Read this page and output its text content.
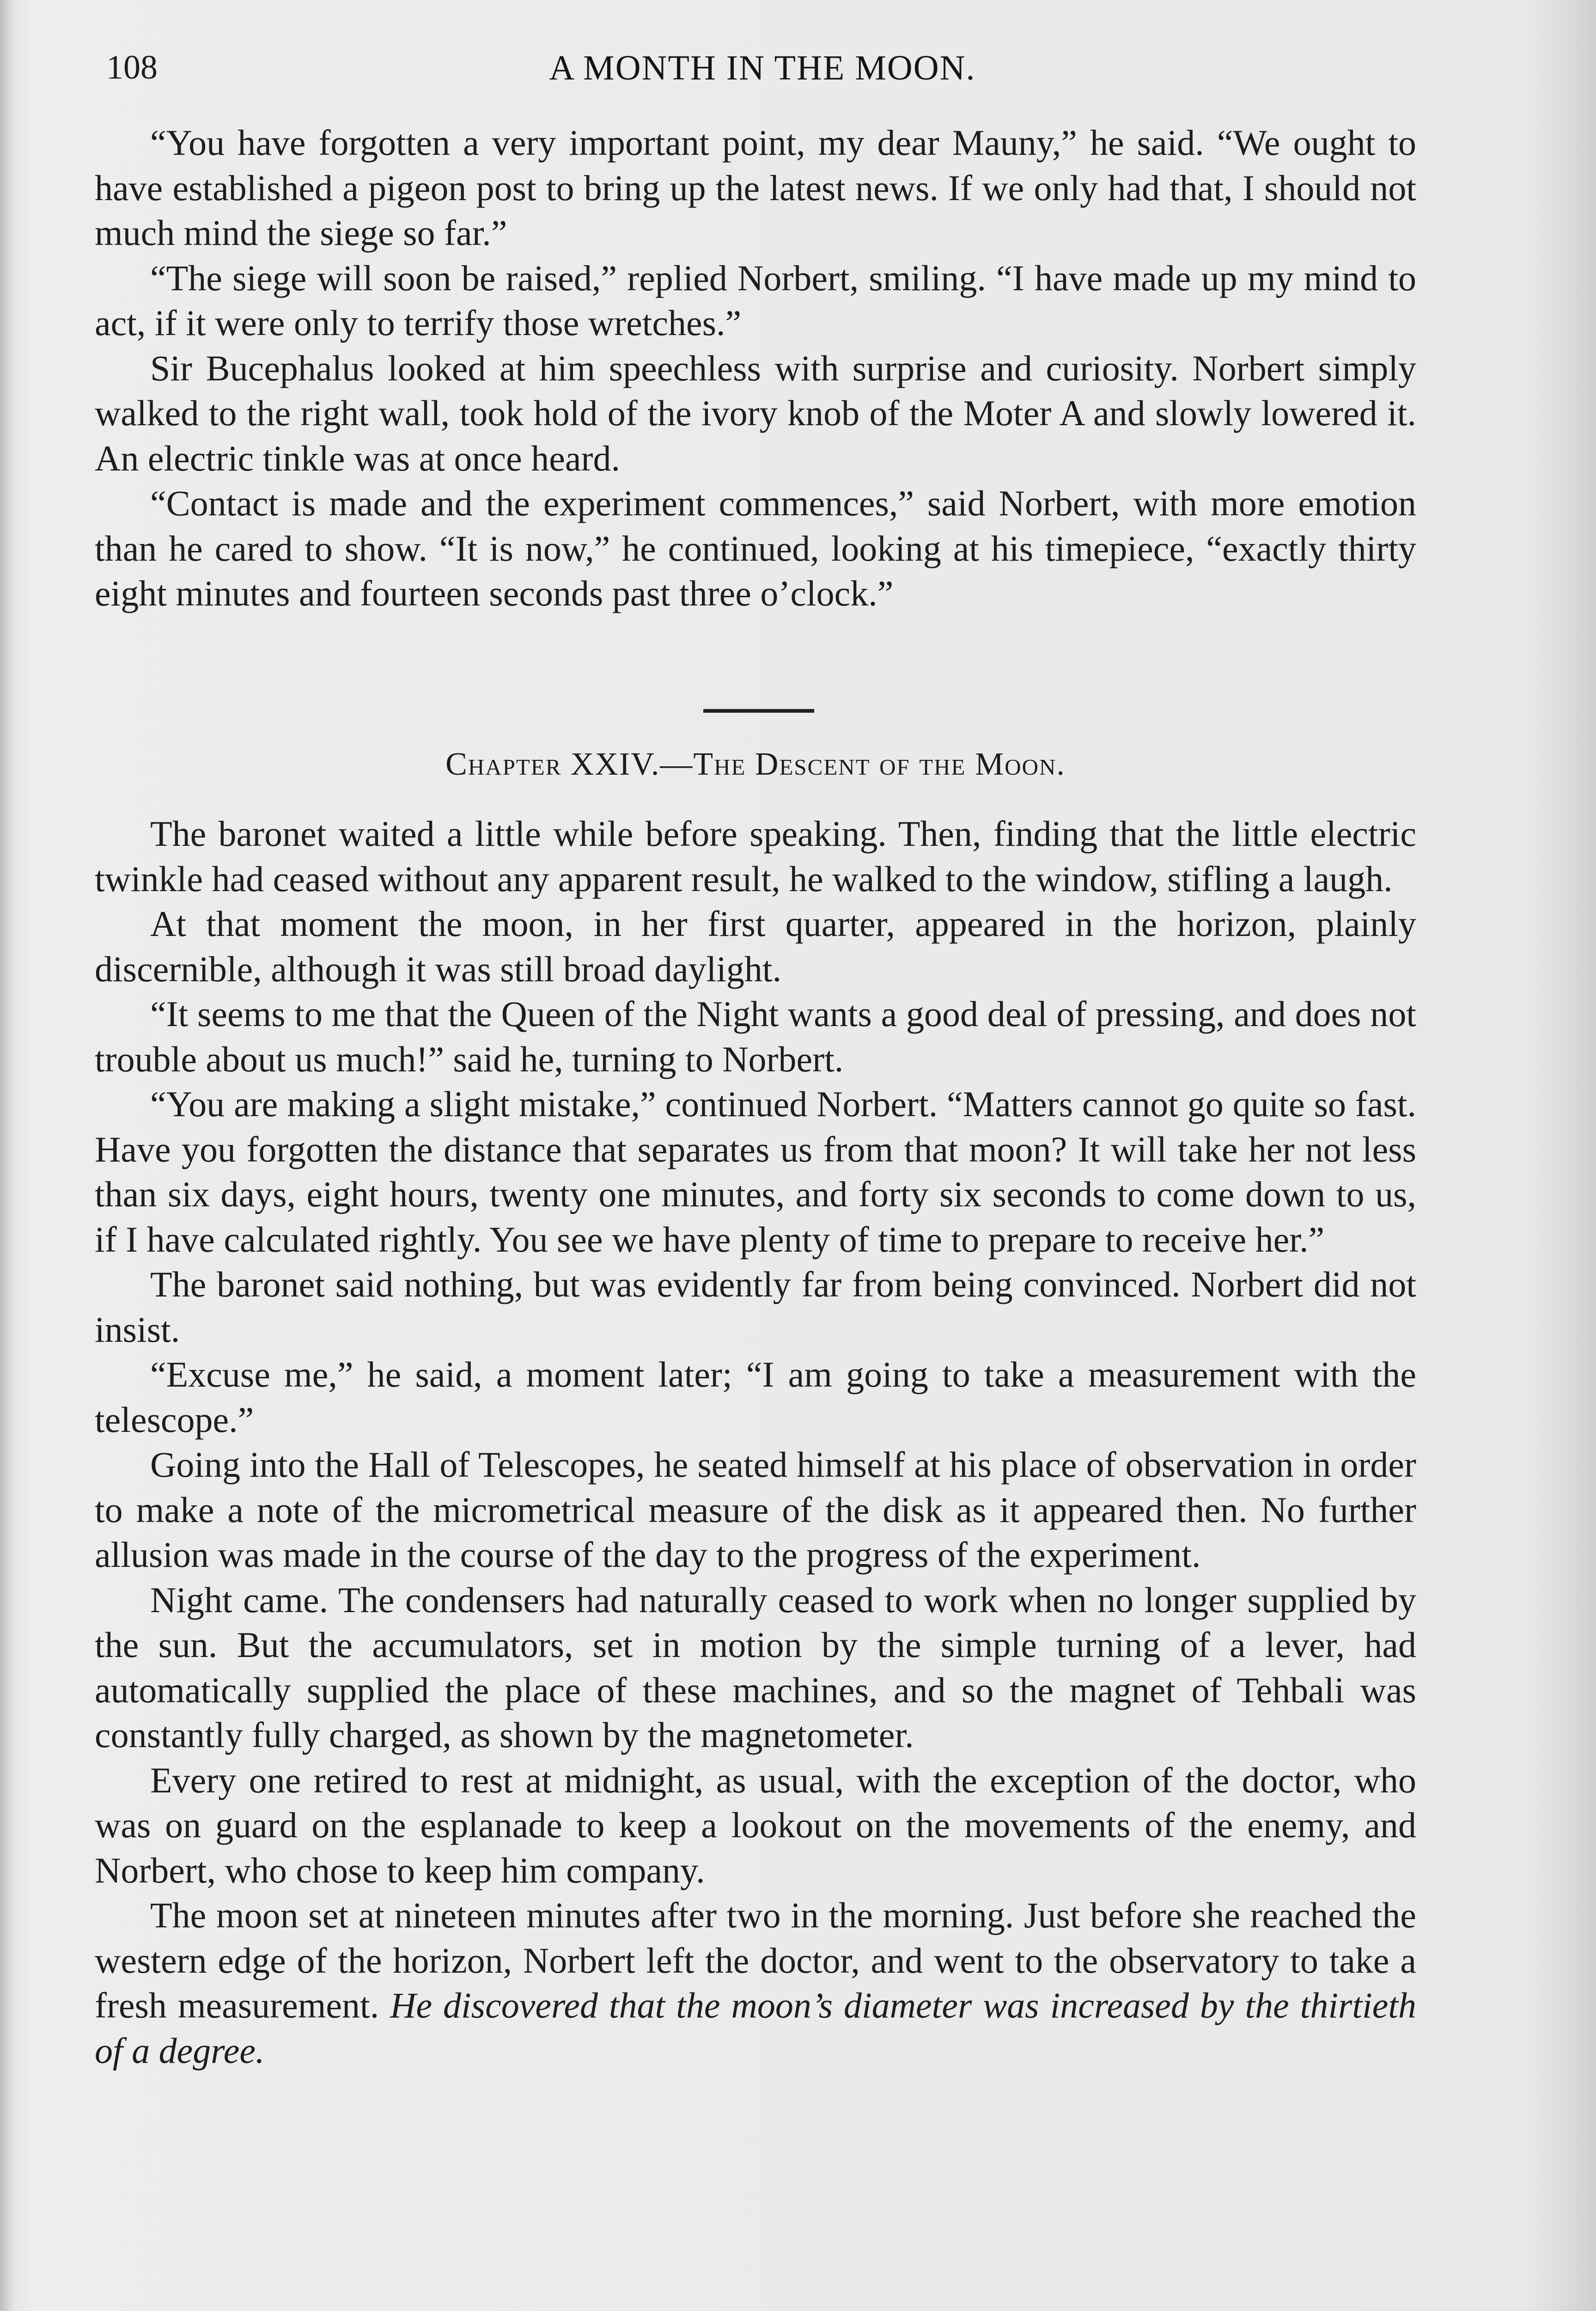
108	A MONTH IN THE MOON.

“You have forgotten a very important point, my dear Mauny,” he said. “We ought to have established a pigeon post to bring up the latest news. If we only had that, I should not much mind the siege so far.”

“The siege will soon be raised,” replied Norbert, smiling. “I have made up my mind to act, if it were only to terrify those wretches.”

Sir Bucephalus looked at him speechless with surprise and curiosity. Norbert simply walked to the right wall, took hold of the ivory knob of the Moter A and slowly lowered it. An electric tinkle was at once heard.

“Contact is made and the experiment commences,” said Norbert, with more emotion than he cared to show. “It is now,” he continued, looking at his timepiece, “exactly thirty eight minutes and fourteen seconds past three o’clock.”

Chapter XXIV.—The Descent of the Moon.

The baronet waited a little while before speaking. Then, finding that the little electric twinkle had ceased without any apparent result, he walked to the window, stifling a laugh.

At that moment the moon, in her first quarter, appeared in the horizon, plainly discernible, although it was still broad daylight.

“It seems to me that the Queen of the Night wants a good deal of pressing, and does not trouble about us much!” said he, turning to Norbert.

“You are making a slight mistake,” continued Norbert. “Matters cannot go quite so fast. Have you forgotten the distance that separates us from that moon? It will take her not less than six days, eight hours, twenty one minutes, and forty six seconds to come down to us, if I have calculated rightly. You see we have plenty of time to prepare to receive her.”

The baronet said nothing, but was evidently far from being convinced. Norbert did not insist.

“Excuse me,” he said, a moment later; “I am going to take a measurement with the telescope.”

Going into the Hall of Telescopes, he seated himself at his place of observation in order to make a note of the micrometrical measure of the disk as it appeared then. No further allusion was made in the course of the day to the progress of the experiment.

Night came. The condensers had naturally ceased to work when no longer supplied by the sun. But the accumulators, set in motion by the simple turning of a lever, had automatically supplied the place of these machines, and so the magnet of Tehbali was constantly fully charged, as shown by the magnetometer.

Every one retired to rest at midnight, as usual, with the exception of the doctor, who was on guard on the esplanade to keep a lookout on the movements of the enemy, and Norbert, who chose to keep him company.

The moon set at nineteen minutes after two in the morning. Just before she reached the western edge of the horizon, Norbert left the doctor, and went to the observatory to take a fresh measurement. He discovered that the moon’s diameter was increased by the thirtieth of a degree.
